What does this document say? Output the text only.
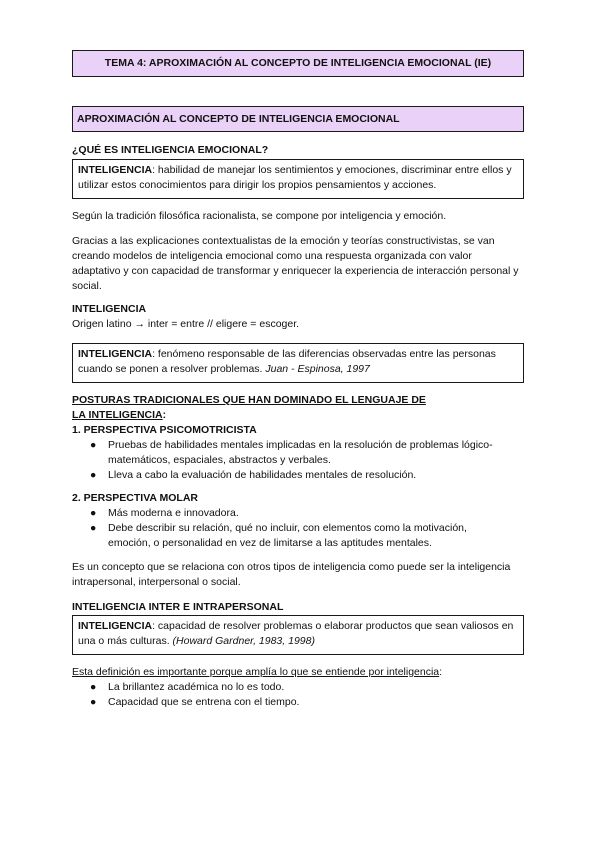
TEMA 4: APROXIMACIÓN AL CONCEPTO DE INTELIGENCIA EMOCIONAL (IE)
APROXIMACIÓN AL CONCEPTO DE INTELIGENCIA EMOCIONAL
¿QUÉ ES INTELIGENCIA EMOCIONAL?
INTELIGENCIA: habilidad de manejar los sentimientos y emociones, discriminar entre ellos y utilizar estos conocimientos para dirigir los propios pensamientos y acciones.
Según la tradición filosófica racionalista, se compone por inteligencia y emoción.
Gracias a las explicaciones contextualistas de la emoción y teorías constructivistas, se van creando modelos de inteligencia emocional como una respuesta organizada con valor adaptativo y con capacidad de transformar y enriquecer la experiencia de interacción personal y social.
INTELIGENCIA
Origen latino → inter = entre // eligere = escoger.
INTELIGENCIA: fenómeno responsable de las diferencias observadas entre las personas cuando se ponen a resolver problemas. Juan - Espinosa, 1997
POSTURAS TRADICIONALES QUE HAN DOMINADO EL LENGUAJE DE LA INTELIGENCIA:
1. PERSPECTIVA PSICOMOTRICISTA
● Pruebas de habilidades mentales implicadas en la resolución de problemas lógico-matemáticos, espaciales, abstractos y verbales.
● Lleva a cabo la evaluación de habilidades mentales de resolución.
2. PERSPECTIVA MOLAR
● Más moderna e innovadora.
● Debe describir su relación, qué no incluir, con elementos como la motivación, emoción, o personalidad en vez de limitarse a las aptitudes mentales.
Es un concepto que se relaciona con otros tipos de inteligencia como puede ser la inteligencia intrapersonal, interpersonal o social.
INTELIGENCIA INTER E INTRAPERSONAL
INTELIGENCIA: capacidad de resolver problemas o elaborar productos que sean valiosos en una o más culturas. (Howard Gardner, 1983, 1998)
Esta definición es importante porque amplía lo que se entiende por inteligencia:
● La brillantez académica no lo es todo.
● Capacidad que se entrena con el tiempo.
